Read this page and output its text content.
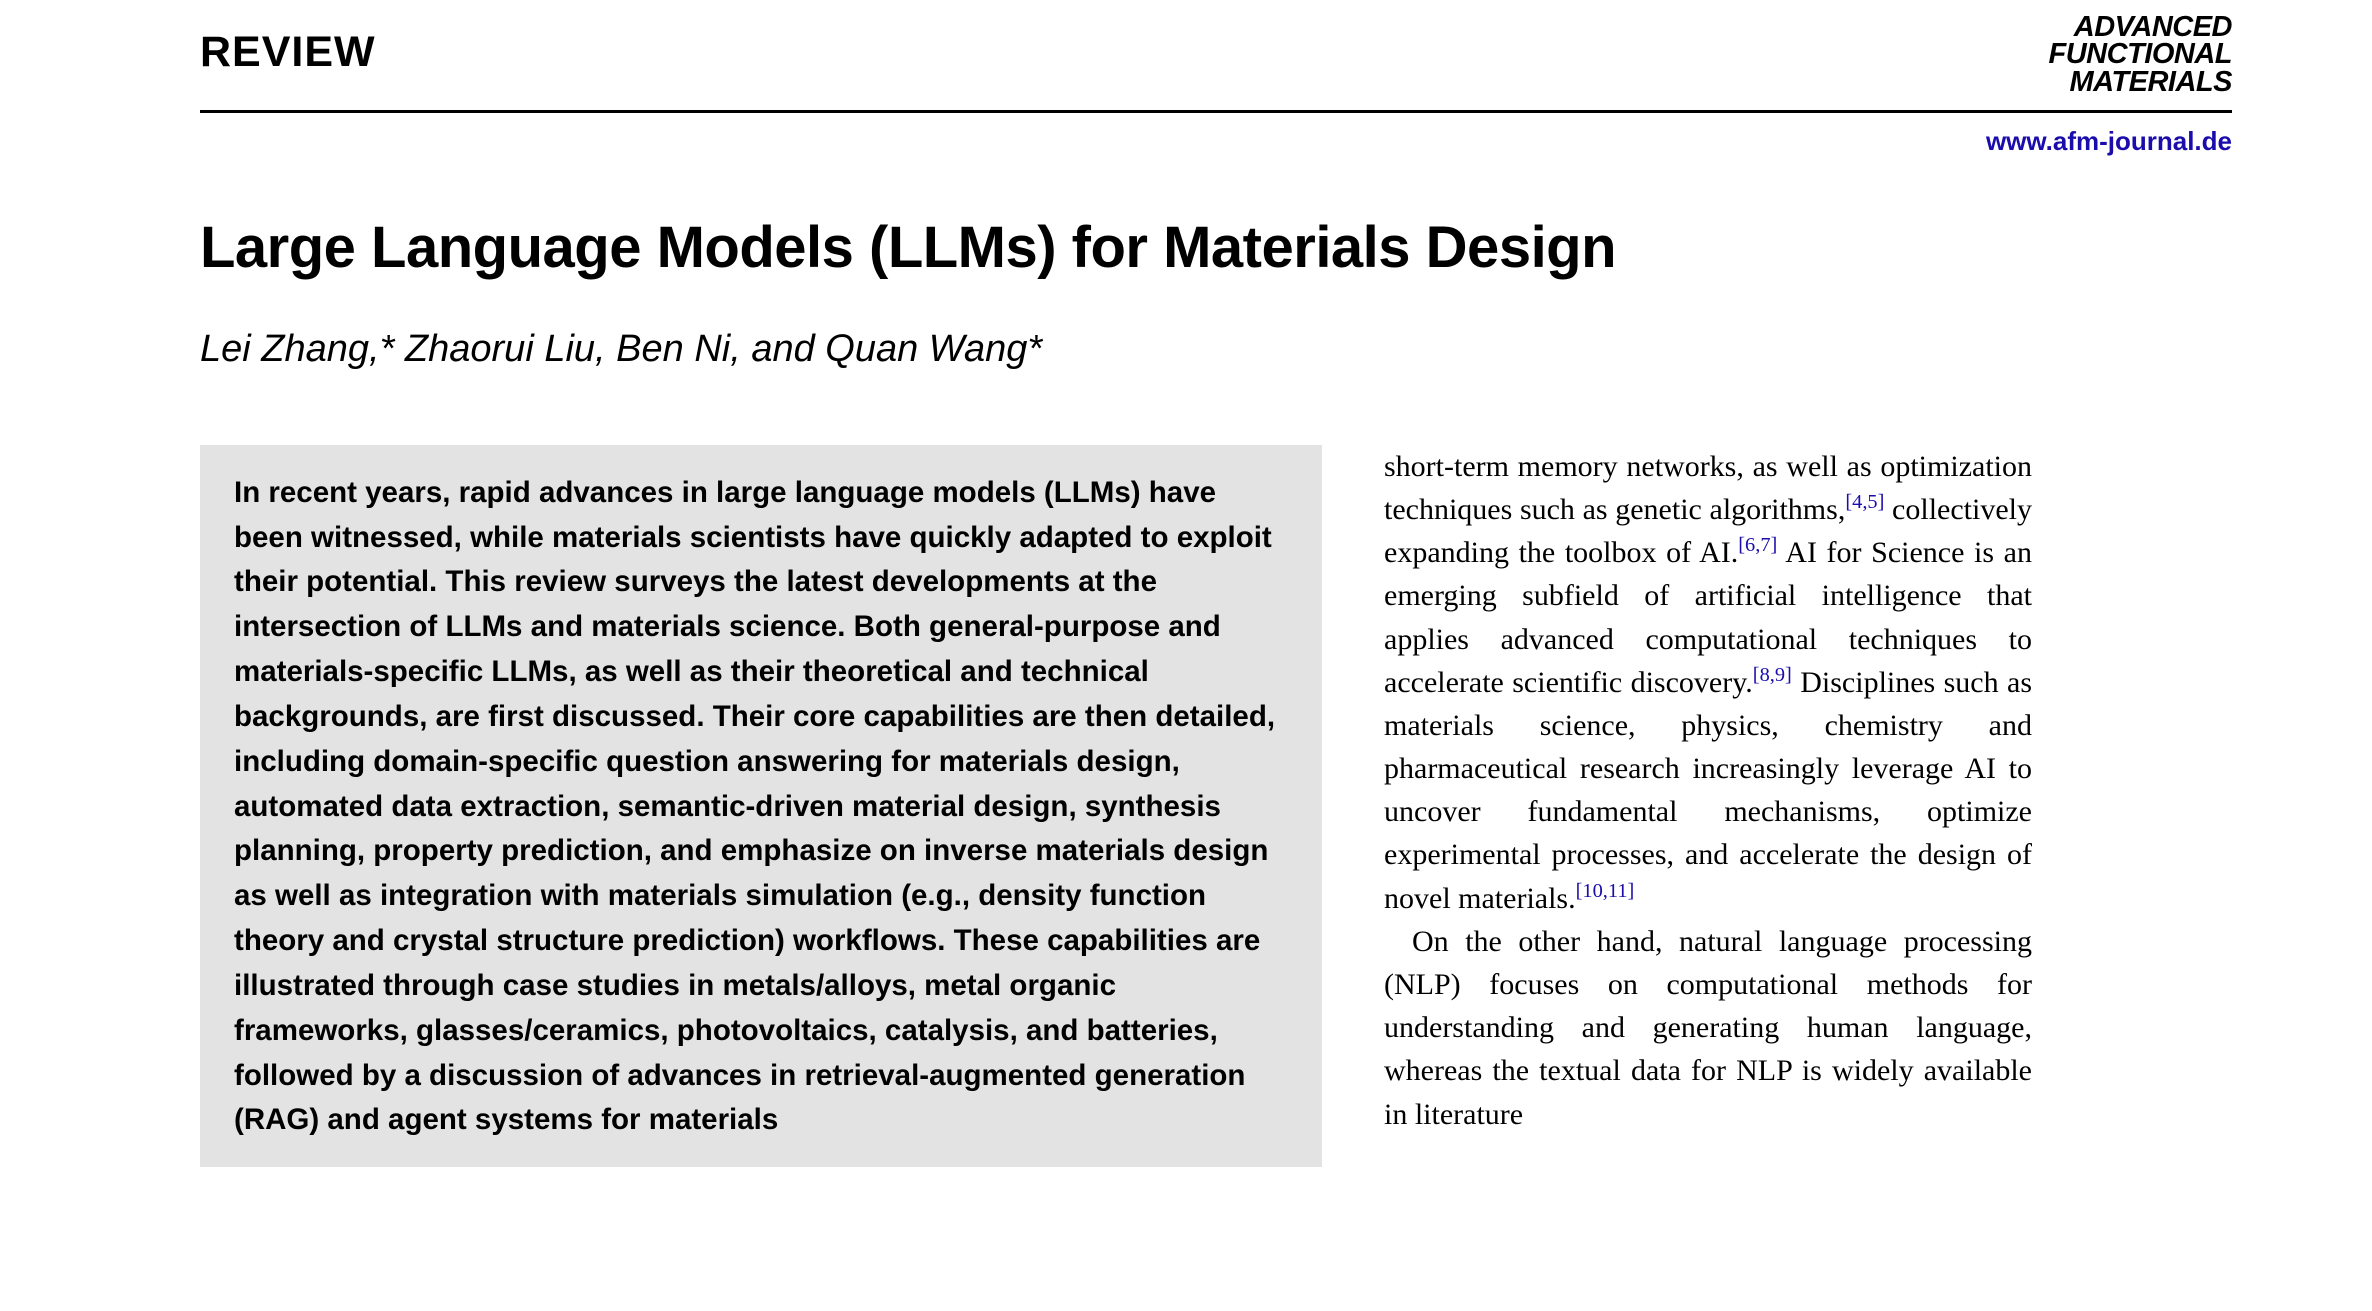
REVIEW
ADVANCED
FUNCTIONAL
MATERIALS
www.afm-journal.de
Large Language Models (LLMs) for Materials Design
Lei Zhang,* Zhaorui Liu, Ben Ni, and Quan Wang*

In recent years, rapid advances in large language models (LLMs) have been witnessed, while materials scientists have quickly adapted to exploit their potential. This review surveys the latest developments at the intersection of LLMs and materials science. Both general-purpose and materials-specific LLMs, as well as their theoretical and technical backgrounds, are first discussed. Their core capabilities are then detailed, including domain-specific question answering for materials design, automated data extraction, semantic-driven material design, synthesis planning, property prediction, and emphasize on inverse materials design as well as integration with materials simulation (e.g., density function theory and crystal structure prediction) workflows. These capabilities are illustrated through case studies in metals/alloys, metal organic frameworks, glasses/ceramics, photovoltaics, catalysis, and batteries, followed by a discussion of advances in retrieval-augmented generation (RAG) and agent systems for materials

short-term memory networks, as well as optimization techniques such as genetic algorithms,[4,5] collectively expanding the toolbox of AI.[6,7] AI for Science is an emerging subfield of artificial intelligence that applies advanced computational techniques to accelerate scientific discovery.[8,9] Disciplines such as materials science, physics, chemistry and pharmaceutical research increasingly leverage AI to uncover fundamental mechanisms, optimize experimental processes, and accelerate the design of novel materials.[10,11]

On the other hand, natural language processing (NLP) focuses on computational methods for understanding and generating human language, whereas the textual data for NLP is widely available in literature
